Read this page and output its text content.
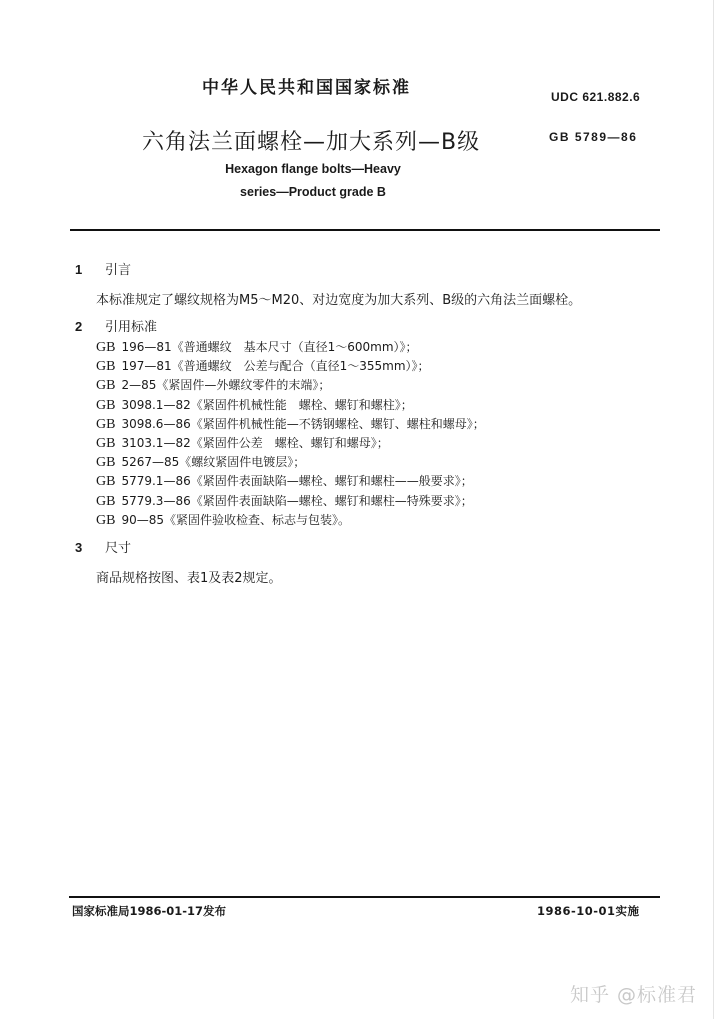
中华人民共和国国家标准	UDC 621.882.6
六角法兰面螺栓—加大系列—B级	GB 5789—86
Hexagon flange bolts—Heavy
series—Product grade B
1 引言
本标准规定了螺纹规格为M5～M20、对边宽度为加大系列、B级的六角法兰面螺栓。
2 引用标准
GB 196—81《普通螺纹　基本尺寸（直径1～600mm）》；
GB 197—81《普通螺纹　公差与配合（直径1～355mm）》；
GB 2—85《紧固件—外螺纹零件的末端》；
GB 3098.1—82《紧固件机械性能　螺栓、螺钉和螺柱》；
GB 3098.6—86《紧固件机械性能—不锈钢螺栓、螺钉、螺柱和螺母》；
GB 3103.1—82《紧固件公差　螺栓、螺钉和螺母》；
GB 5267—85《螺纹紧固件电镀层》；
GB 5779.1—86《紧固件表面缺陷—螺栓、螺钉和螺柱——般要求》；
GB 5779.3—86《紧固件表面缺陷—螺栓、螺钉和螺柱—特殊要求》；
GB 90—85《紧固件验收检查、标志与包装》。
3 尺寸
商品规格按图、表1及表2规定。
国家标准局1986-01-17发布	1986-10-01实施
知乎 @标准君
